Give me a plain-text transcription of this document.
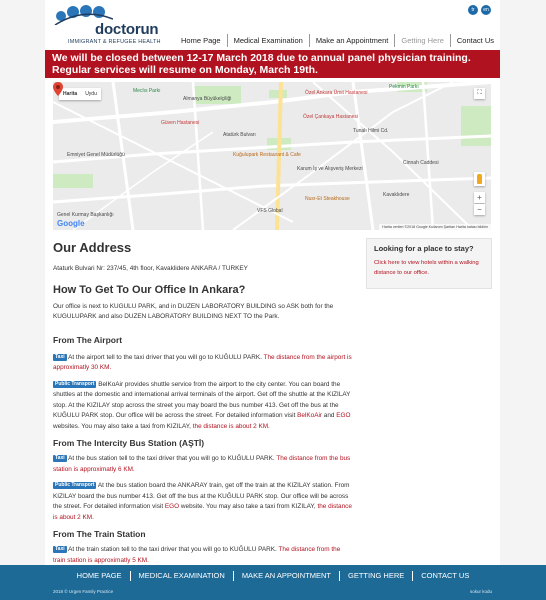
doctorun
IMMIGRANT & REFUGEE HEALTH
tr	en
Home Page	Medical Examination	Make an Appointment	Getting Here	Contact Us
We will be closed between 12-17 March 2018 due to annual panel physician training. Regular services will resume on Monday, March 19th.
Harita	Uydu	Meclıs Parkı
Almanya Büyükelçiliği
Özel Ankara Ümit Hastanesi
Pekmin Parkı
Güven Hastanesi
Özel Çankaya Hastanesi
Kuğulupark Restaurant & Cafe
Karum İş ve Alışveriş Merkezi
Emniyet Genel Müdürlüğü
Nusr-Et Steakhouse
VFS Global
Genel Kurmay Başkanlığı
Cinnah Caddesi
Tunalı Hilmi Cd.
Atatürk Bulvarı
Kavaklıdere
⛶
+
−
Google	Harita verileri ©2018 Google Kullanım Şartları Harita hatası bildirin
Our Address

Ataturk Bulvari Nr: 237/45, 4th floor, Kavaklidere ANKARA / TURKEY

How To Get To Our Office In Ankara?

Our office is next to KUGULU PARK, and in DUZEN LABORATORY BUILDING so ASK both for the KUGULUPARK and also DUZEN LABORATORY BUILDING NEXT TO the Park.

From The Airport

Taxi At the airport tell to the taxi driver that you will go to KUĞULU PARK. The distance from the airport is approximatly 30 KM.

Public Transport BelKoAir provides shuttle service from the airport to the city center. You can board the shuttles at the domestic and international arrival terminals of the airport. Get off the shuttle at the KIZILAY stop. At the KIZILAY stop across the street you may board the bus number 413. Get off the bus at the KUĞULU PARK stop. Our office will be across the street. For detailed information visit BelKoAir and EGO websites. You may also take a taxi from KIZILAY, the distance is about 2 KM.

From The Intercity Bus Station (AŞTİ)

Taxi At the bus station tell to the taxi driver that you will go to KUĞULU PARK. The distance from the bus station is approximatly 6 KM.

Public Transport At the bus station board the ANKARAY train, get off the train at the KIZILAY station. From KIZILAY board the bus number 413. Get off the bus at the KUĞULU PARK stop. Our office will be across the street. For detailed information visit EGO website. You may also take a taxi from KIZILAY, the distance is about 2 KM.

From The Train Station

Taxi At the train station tell to the taxi driver that you will go to KUĞULU PARK. The distance from the train station is approximatly 5 KM.

Looking for a place to stay?

Click here to view hotels within a walking distance to our office.

HOME PAGE	MEDICAL EXAMINATION	MAKE AN APPOINTMENT	GETTING HERE	CONTACT US
2018 © Urgen Family Practice	sokur kodu
